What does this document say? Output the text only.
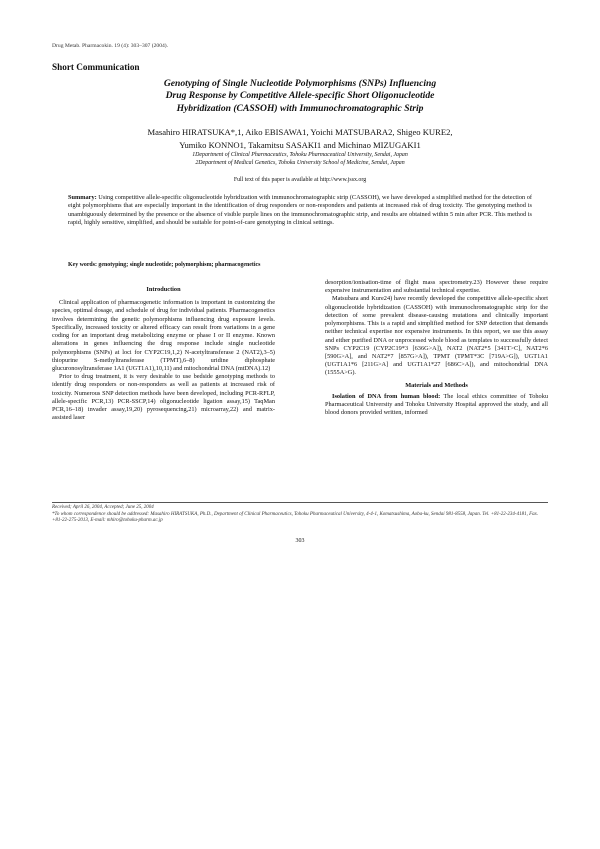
Drug Metab. Pharmacokin. 19 (4): 303–307 (2004).
Short Communication
Genotyping of Single Nucleotide Polymorphisms (SNPs) Influencing
Drug Response by Competitive Allele-specific Short Oligonucleotide
Hybridization (CASSOH) with Immunochromatographic Strip
Masahiro HIRATSUKA*,1, Aiko EBISAWA1, Yoichi MATSUBARA2, Shigeo KURE2,
Yumiko KONNO1, Takamitsu SASAKI1 and Michinao MIZUGAKI1
1Department of Clinical Pharmaceutics, Tohoku Pharmaceutical University, Sendai, Japan
2Department of Medical Genetics, Tohoku University School of Medicine, Sendai, Japan
Full text of this paper is available at http://www.jssx.org
Summary: Using competitive allele-specific oligonucleotide hybridization with immunochromatographic strip (CASSOH), we have developed a simplified method for the detection of eight polymorphisms that are especially important in the identification of drug responders or non-responders and patients at increased risk of drug toxicity. The genotyping method is unambiguously determined by the presence or the absence of visible purple lines on the immunochromatographic strip, and results are obtained within 5 min after PCR. This method is rapid, highly sensitive, simplified, and should be suitable for point-of-care genotyping in clinical settings.
Key words: genotyping; single nucleotide; polymorphism; pharmacogenetics
Introduction

Clinical application of pharmacogenetic information is important in customizing the species, optimal dosage, and schedule of drug for individual patients. Pharmacogenetics involves determining the genetic polymorphisms influencing drug exposure levels. Specifically, increased toxicity or altered efficacy can result from variations in a gene coding for an important drug metabolizing enzyme or phase I or II enzyme. Known alterations in genes influencing the drug response include single nucleotide polymorphisms (SNPs) at loci for CYP2C19,1,2) N-acetyltransferase 2 (NAT2),3–5) thiopurine S-methyltransferase (TPMT),6–8) uridine diphosphate glucuronosyltransferase 1A1 (UGT1A1),10,11) and mitochondrial DNA (mtDNA).12)

Prior to drug treatment, it is very desirable to use bedside genotyping methods to identify drug responders or non-responders as well as patients at increased risk of toxicity. Numerous SNP detection methods have been developed, including PCR-RFLP, allele-specific PCR,13) PCR-SSCP,14) oligonucleotide ligation assay,15) TaqMan PCR,16–18) invader assay,19,20) pyrosequencing,21) microarray,22) and matrix-assisted laser

desorption/ionisation-time of flight mass spectrometry.23) However these require expensive instrumentation and substantial technical expertise.

Matsubara and Kure24) have recently developed the competitive allele-specific short oligonucleotide hybridization (CASSOH) with immunochromatographic strip for the detection of some prevalent disease-causing mutations and clinically important polymorphisms. This is a rapid and simplified method for SNP detection that demands neither technical expertise nor expensive instruments. In this report, we use this assay and either purified DNA or unprocessed whole blood as templates to successfully detect SNPs CYP2C19 (CYP2C19*3 [636G>A]), NAT2 (NAT2*5 [341T>C], NAT2*6 [590G>A], and NAT2*7 [857G>A]), TPMT (TPMT*3C [719A>G]), UGT1A1 (UGT1A1*6 [211G>A] and UGT1A1*27 [686C>A]), and mitochondrial DNA (1555A>G).

Materials and Methods

Isolation of DNA from human blood: The local ethics committee of Tohoku Pharmaceutical University and Tohoku University Hospital approved the study, and all blood donors provided written, informed

Received; April 26, 2004, Accepted; June 25, 2004
*To whom correspondence should be addressed: Masahiro HIRATSUKA, Ph.D., Department of Clinical Pharmaceutics, Tohoku Pharmaceutical University, 4-4-1, Komatsushima, Aoba-ku, Sendai 981-8558, Japan. Tel. +81-22-234-4181, Fax. +81-22-275-2013, E-mail: mhiro@tohoku-pharm.ac.jp
303
